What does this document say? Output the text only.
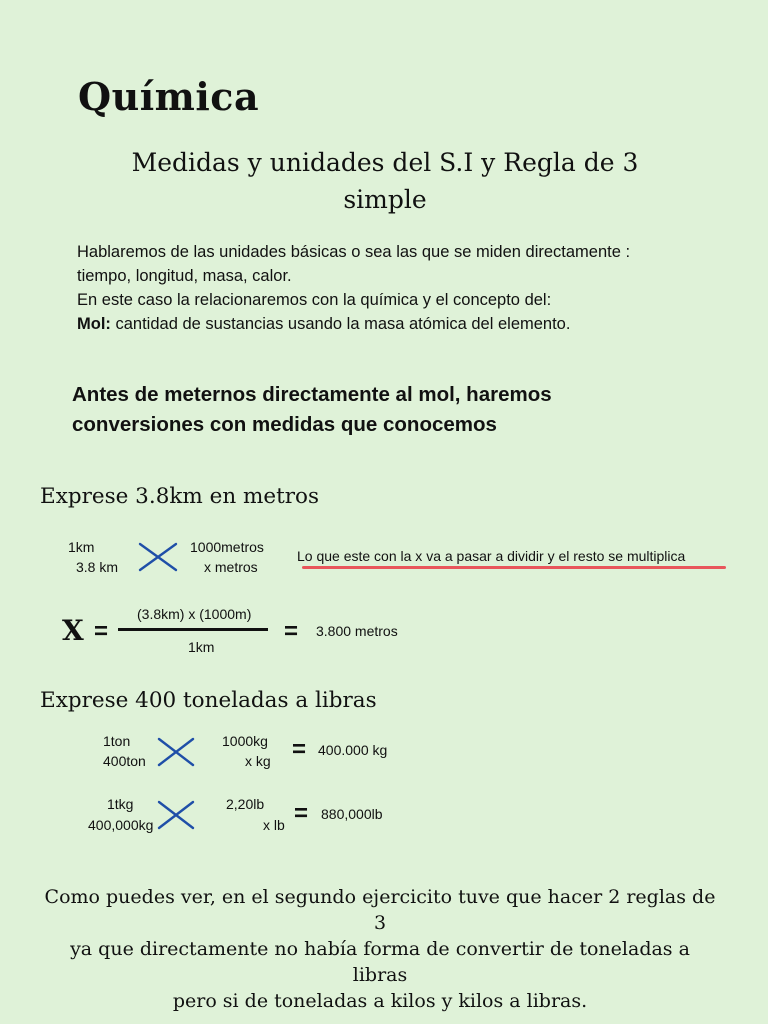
Química
Medidas y unidades del S.I y Regla de 3 simple
Hablaremos de las unidades básicas o sea las que se miden directamente :
tiempo, longitud, masa, calor.
En este caso la relacionaremos con la química y el concepto del:
Mol: cantidad de sustancias usando la masa atómica del elemento.
Antes de meternos directamente al mol, haremos
conversiones con medidas que conocemos
Exprese 3.8km en metros
1km
3.8 km
1000metros
x metros
Lo que este con la x va a pasar a dividir y el resto se multiplica
X =
(3.8km) x (1000m)
1km
= 3.800 metros
Exprese 400 toneladas a libras
1ton
400ton
1000kg
x kg = 400.000 kg
1tkg
400,000kg
2,20lb
x lb = 880,000lb
Como puedes ver, en el segundo ejercicito tuve que hacer 2 reglas de 3
ya que directamente no había forma de convertir de toneladas a libras
pero si de toneladas a kilos y kilos a libras.
